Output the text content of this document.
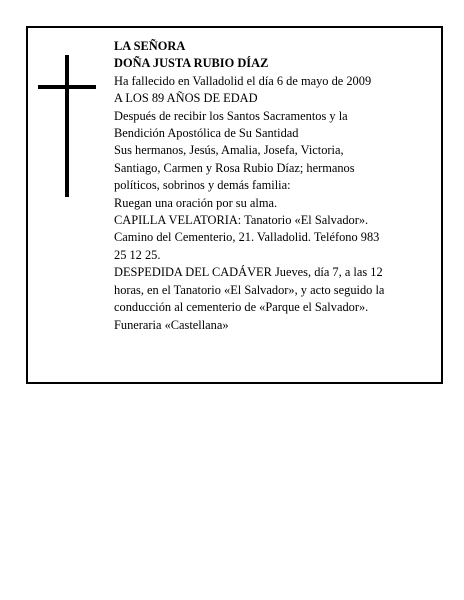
LA SEÑORA
DOÑA JUSTA RUBIO DÍAZ
Ha fallecido en Valladolid el día 6 de mayo de 2009
A LOS 89 AÑOS DE EDAD
Después de recibir los Santos Sacramentos y la
Bendición Apostólica de Su Santidad
Sus hermanos, Jesús, Amalia, Josefa, Victoria,
Santiago, Carmen y Rosa Rubio Díaz; hermanos
políticos, sobrinos y demás familia:
Ruegan una oración por su alma.
CAPILLA VELATORIA: Tanatorio «El Salvador».
Camino del Cementerio, 21. Valladolid. Teléfono 983
25 12 25.
DESPEDIDA DEL CADÁVER Jueves, día 7, a las 12
horas, en el Tanatorio «El Salvador», y acto seguido la
conducción al cementerio de «Parque el Salvador».
Funeraria «Castellana»
